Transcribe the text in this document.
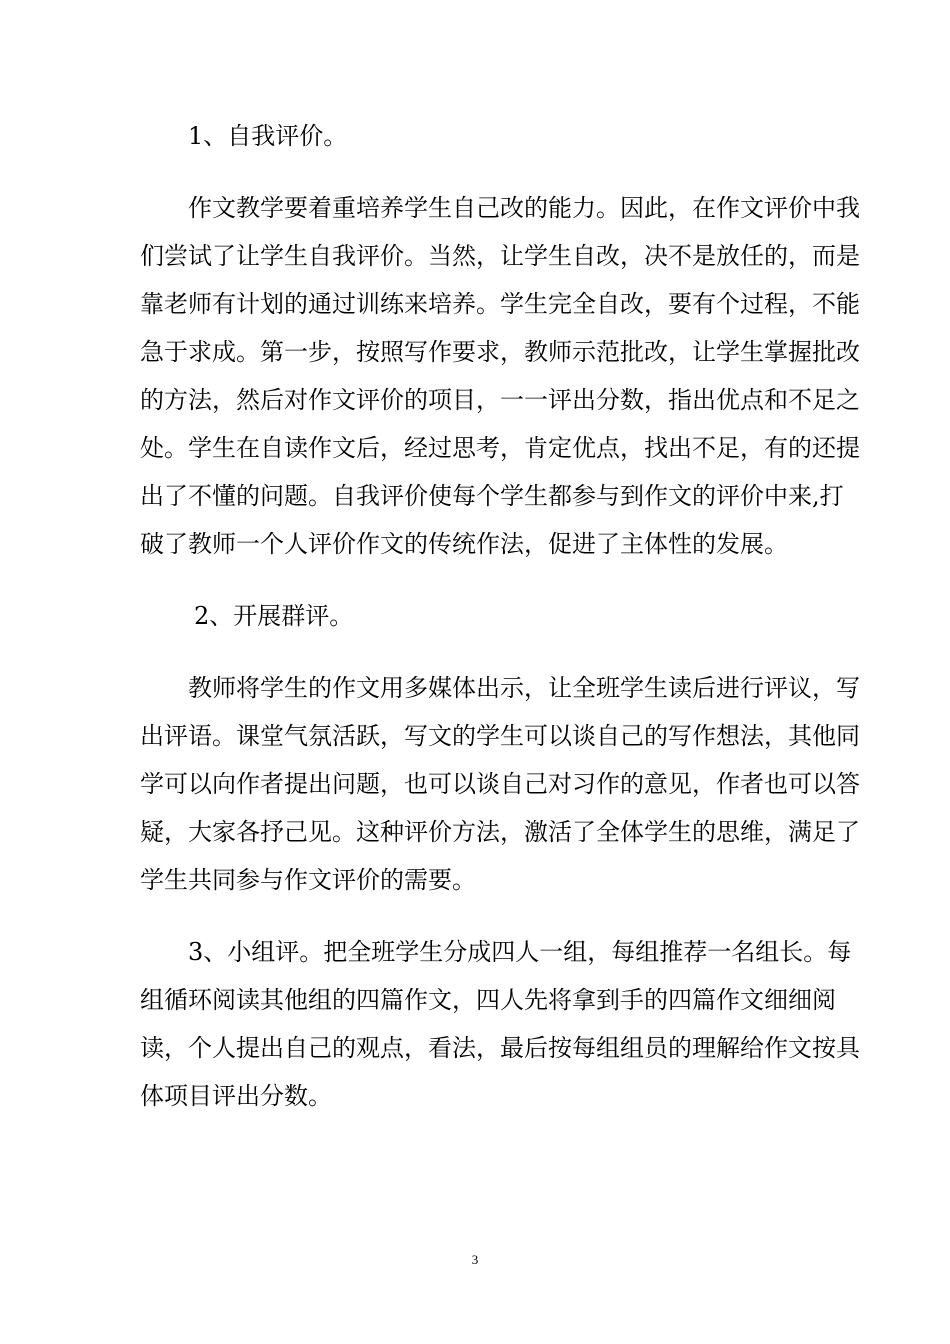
1、自我评价。

作文教学要着重培养学生自己改的能力。因此，在作文评价中我

们尝试了让学生自我评价。当然，让学生自改，决不是放任的，而是

靠老师有计划的通过训练来培养。学生完全自改，要有个过程，不能

急于求成。第一步，按照写作要求，教师示范批改，让学生掌握批改

的方法，然后对作文评价的项目，一一评出分数，指出优点和不足之

处。学生在自读作文后，经过思考，肯定优点，找出不足，有的还提

出了不懂的问题。自我评价使每个学生都参与到作文的评价中来,打

破了教师一个人评价作文的传统作法，促进了主体性的发展。

2、开展群评。

教师将学生的作文用多媒体出示，让全班学生读后进行评议，写

出评语。课堂气氛活跃，写文的学生可以谈自己的写作想法，其他同

学可以向作者提出问题，也可以谈自己对习作的意见，作者也可以答

疑，大家各抒己见。这种评价方法，激活了全体学生的思维，满足了

学生共同参与作文评价的需要。

3、小组评。把全班学生分成四人一组，每组推荐一名组长。每

组循环阅读其他组的四篇作文，四人先将拿到手的四篇作文细细阅

读，个人提出自己的观点，看法，最后按每组组员的理解给作文按具

体项目评出分数。

3
